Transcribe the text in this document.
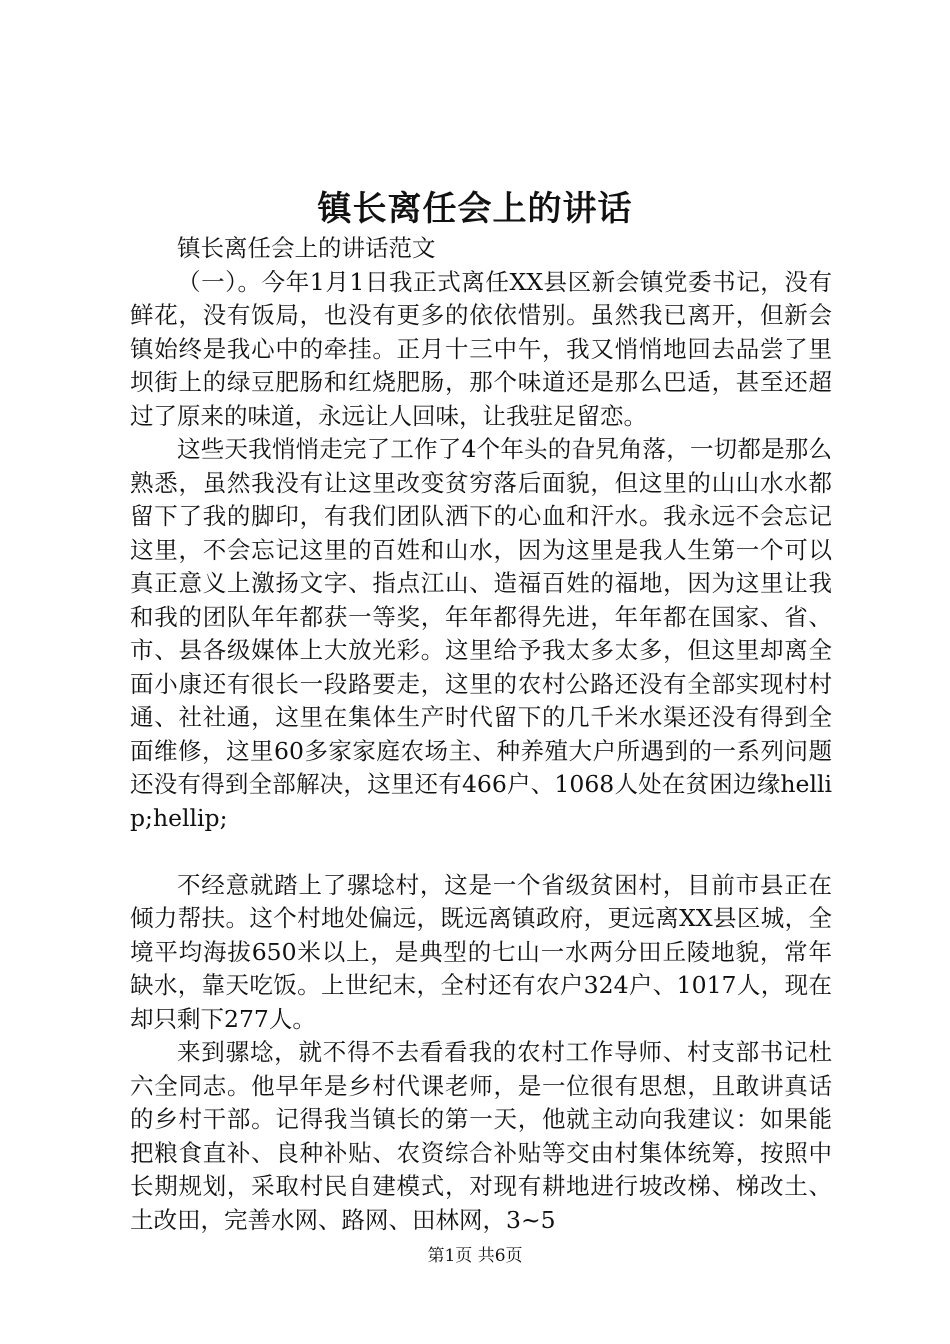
镇长离任会上的讲话

镇长离任会上的讲话范文

（一）。今年1月1日我正式离任XX县区新会镇党委书记，没有鲜花，没有饭局，也没有更多的依依惜别。虽然我已离开，但新会镇始终是我心中的牵挂。正月十三中午，我又悄悄地回去品尝了里坝街上的绿豆肥肠和红烧肥肠，那个味道还是那么巴适，甚至还超过了原来的味道，永远让人回味，让我驻足留恋。

这些天我悄悄走完了工作了4个年头的旮旯角落，一切都是那么熟悉，虽然我没有让这里改变贫穷落后面貌，但这里的山山水水都留下了我的脚印，有我们团队洒下的心血和汗水。我永远不会忘记这里，不会忘记这里的百姓和山水，因为这里是我人生第一个可以真正意义上激扬文字、指点江山、造福百姓的福地，因为这里让我和我的团队年年都获一等奖，年年都得先进，年年都在国家、省、市、县各级媒体上大放光彩。这里给予我太多太多，但这里却离全面小康还有很长一段路要走，这里的农村公路还没有全部实现村村通、社社通，这里在集体生产时代留下的几千米水渠还没有得到全面维修，这里60多家家庭农场主、种养殖大户所遇到的一系列问题还没有得到全部解决，这里还有466户、1068人处在贫困边缘hellip;hellip;

不经意就踏上了骡埝村，这是一个省级贫困村，目前市县正在倾力帮扶。这个村地处偏远，既远离镇政府，更远离XX县区城，全境平均海拔650米以上，是典型的七山一水两分田丘陵地貌，常年缺水，靠天吃饭。上世纪末，全村还有农户324户、1017人，现在却只剩下277人。

来到骡埝，就不得不去看看我的农村工作导师、村支部书记杜六全同志。他早年是乡村代课老师，是一位很有思想，且敢讲真话的乡村干部。记得我当镇长的第一天，他就主动向我建议：如果能把粮食直补、良种补贴、农资综合补贴等交由村集体统筹，按照中长期规划，采取村民自建模式，对现有耕地进行坡改梯、梯改土、土改田，完善水网、路网、田林网，3~5

第1页 共6页
